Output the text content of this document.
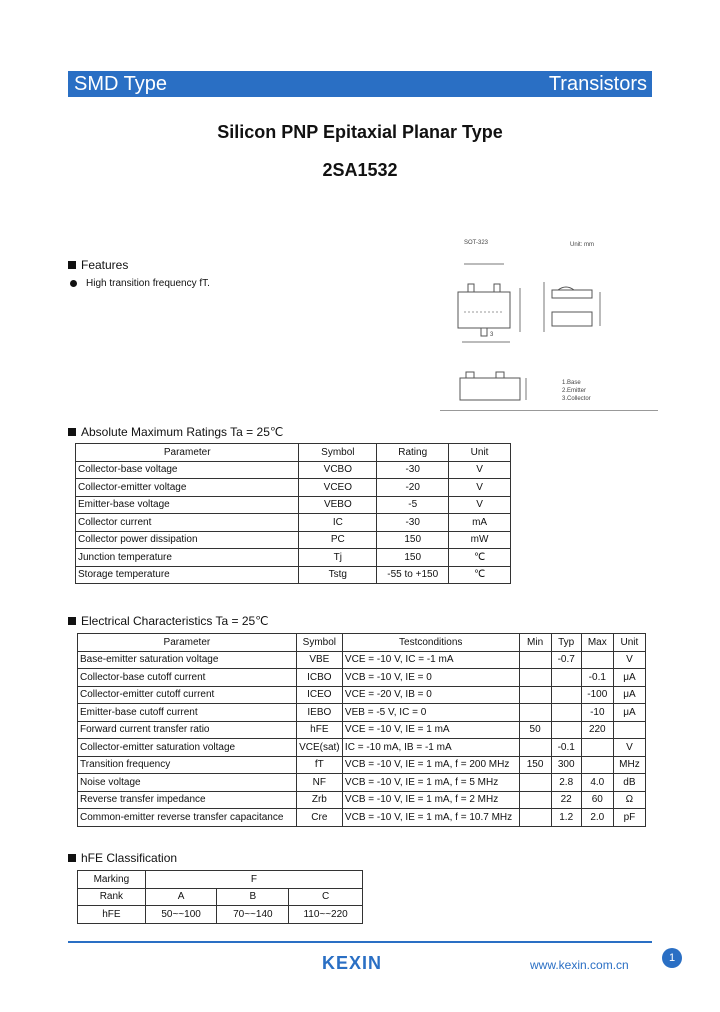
SMD Type	Transistors
Silicon PNP Epitaxial Planar Type
2SA1532
Features
High transition frequency fT.
SOT-323	Unit: mm
3
1.Base
2.Emitter
3.Collector
Absolute Maximum Ratings Ta = 25℃
Parameter	Symbol	Rating	Unit
Collector-base voltage	VCBO	-30	V
Collector-emitter voltage	VCEO	-20	V
Emitter-base voltage	VEBO	-5	V
Collector current	IC	-30	mA
Collector power dissipation	PC	150	mW
Junction temperature	Tj	150	℃
Storage temperature	Tstg	-55 to +150	℃
Electrical Characteristics Ta = 25℃
Parameter	Symbol	Testconditions	Min	Typ	Max	Unit
Base-emitter saturation voltage	VBE	VCE = -10 V, IC = -1 mA		-0.7		V
Collector-base cutoff current	ICBO	VCB = -10 V, IE = 0			-0.1	μA
Collector-emitter cutoff current	ICEO	VCE = -20 V, IB = 0			-100	μA
Emitter-base cutoff current	IEBO	VEB = -5 V, IC = 0			-10	μA
Forward current transfer ratio	hFE	VCE = -10 V, IE = 1 mA	50		220	
Collector-emitter saturation voltage	VCE(sat)	IC = -10 mA, IB = -1 mA		-0.1		V
Transition frequency	fT	VCB = -10 V, IE = 1 mA, f = 200 MHz	150	300		MHz
Noise voltage	NF	VCB = -10 V, IE = 1 mA, f = 5 MHz		2.8	4.0	dB
Reverse transfer impedance	Zrb	VCB = -10 V, IE = 1 mA, f = 2 MHz		22	60	Ω
Common-emitter reverse transfer capacitance	Cre	VCB = -10 V, IE = 1 mA, f = 10.7 MHz		1.2	2.0	pF
hFE Classification
Marking	F		
Rank	A	B	C
hFE	50~~100	70~~140	110~~220
KEXIN	www.kexin.com.cn	1
